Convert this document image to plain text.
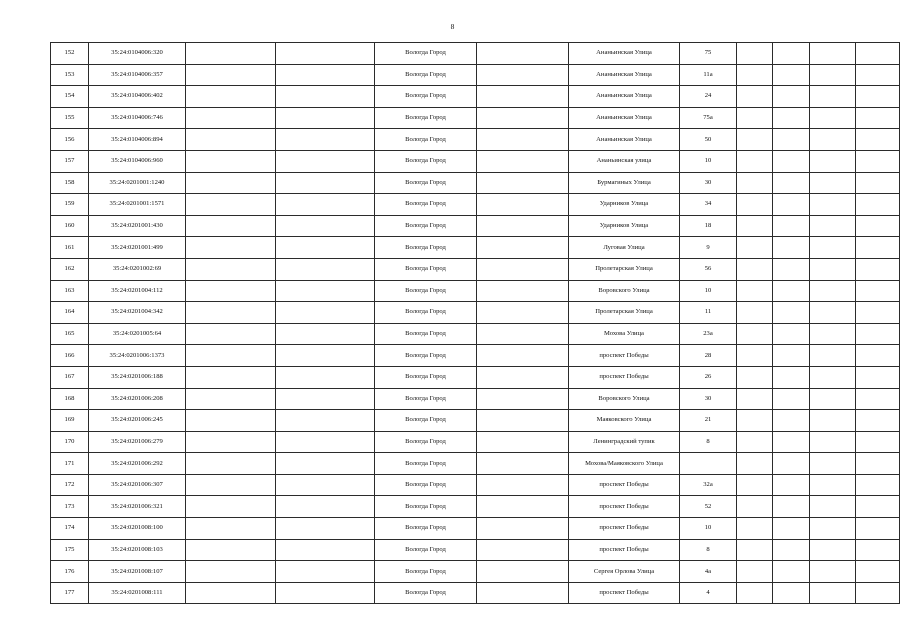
8
152	35:24:0104006:320			Вологда Город		Ананьинская Улица	75				
153	35:24:0104006:357			Вологда Город		Ананьинская Улица	11а				
154	35:24:0104006:402			Вологда Город		Ананьинская Улица	24				
155	35:24:0104006:746			Вологда Город		Ананьинская Улица	75а				
156	35:24:0104006:894			Вологда Город		Ананьинская Улица	50				
157	35:24:0104006:960			Вологда Город		Ананьинская улица	10				
158	35:24:0201001:1240			Вологда Город		Бурмагиных Улица	30				
159	35:24:0201001:1571			Вологда Город		Ударников Улица	34				
160	35:24:0201001:430			Вологда Город		Ударников Улица	18				
161	35:24:0201001:499			Вологда Город		Луговая Улица	9				
162	35:24:0201002:69			Вологда Город		Пролетарская Улица	56				
163	35:24:0201004:112			Вологда Город		Воровского Улица	10				
164	35:24:0201004:342			Вологда Город		Пролетарская Улица	11				
165	35:24:0201005:64			Вологда Город		Мохова Улица	23а				
166	35:24:0201006:1373			Вологда Город		проспект Победы	28				
167	35:24:0201006:188			Вологда Город		проспект Победы	26				
168	35:24:0201006:208			Вологда Город		Воровского Улица	30				
169	35:24:0201006:245			Вологда Город		Маяковского Улица	21				
170	35:24:0201006:279			Вологда Город		Ленинградский тупик	8				
171	35:24:0201006:292			Вологда Город		Мохова/Маяковского Улица					
172	35:24:0201006:307			Вологда Город		проспект Победы	32а				
173	35:24:0201006:321			Вологда Город		проспект Победы	52				
174	35:24:0201008:100			Вологда Город		проспект Победы	10				
175	35:24:0201008:103			Вологда Город		проспект Победы	8				
176	35:24:0201008:107			Вологда Город		Сергея Орлова Улица	4а				
177	35:24:0201008:111			Вологда Город		проспект Победы	4				
